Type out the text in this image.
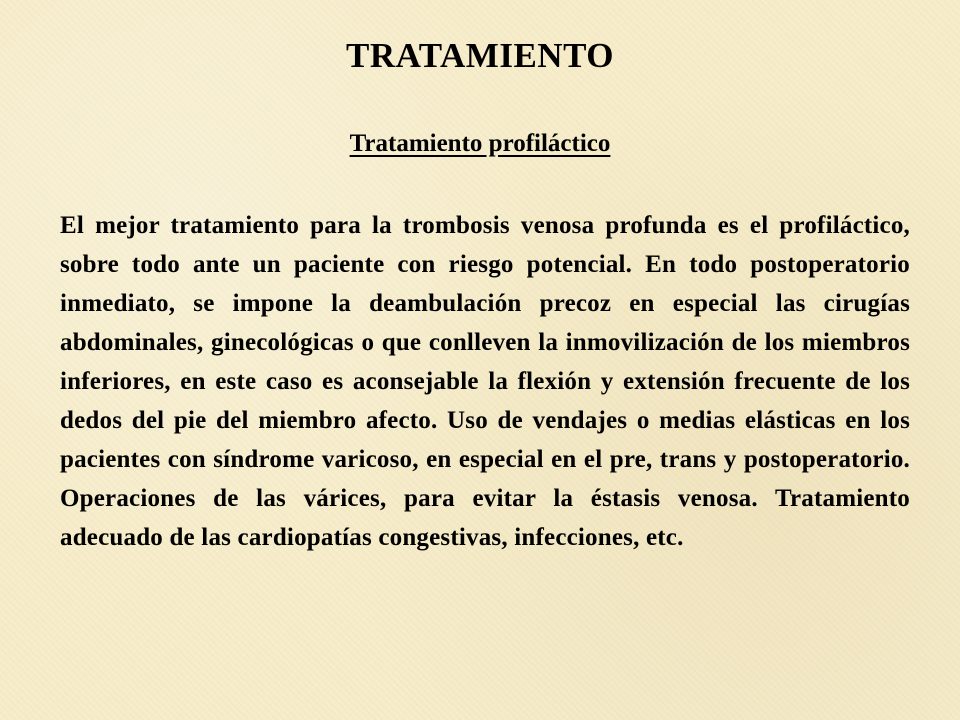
TRATAMIENTO
Tratamiento profiláctico

El mejor tratamiento para la trombosis venosa profunda es el profiláctico, sobre todo ante un paciente con riesgo potencial. En todo postoperatorio inmediato, se impone la deambulación precoz en especial las cirugías abdominales, ginecológicas o que conlleven la inmovilización de los miembros inferiores, en este caso es aconsejable la flexión y extensión frecuente de los dedos del pie del miembro afecto. Uso de vendajes o medias elásticas en los pacientes con síndrome varicoso, en especial en el pre, trans y postoperatorio. Operaciones de las várices, para evitar la éstasis venosa. Tratamiento adecuado de las cardiopatías congestivas, infecciones, etc.
